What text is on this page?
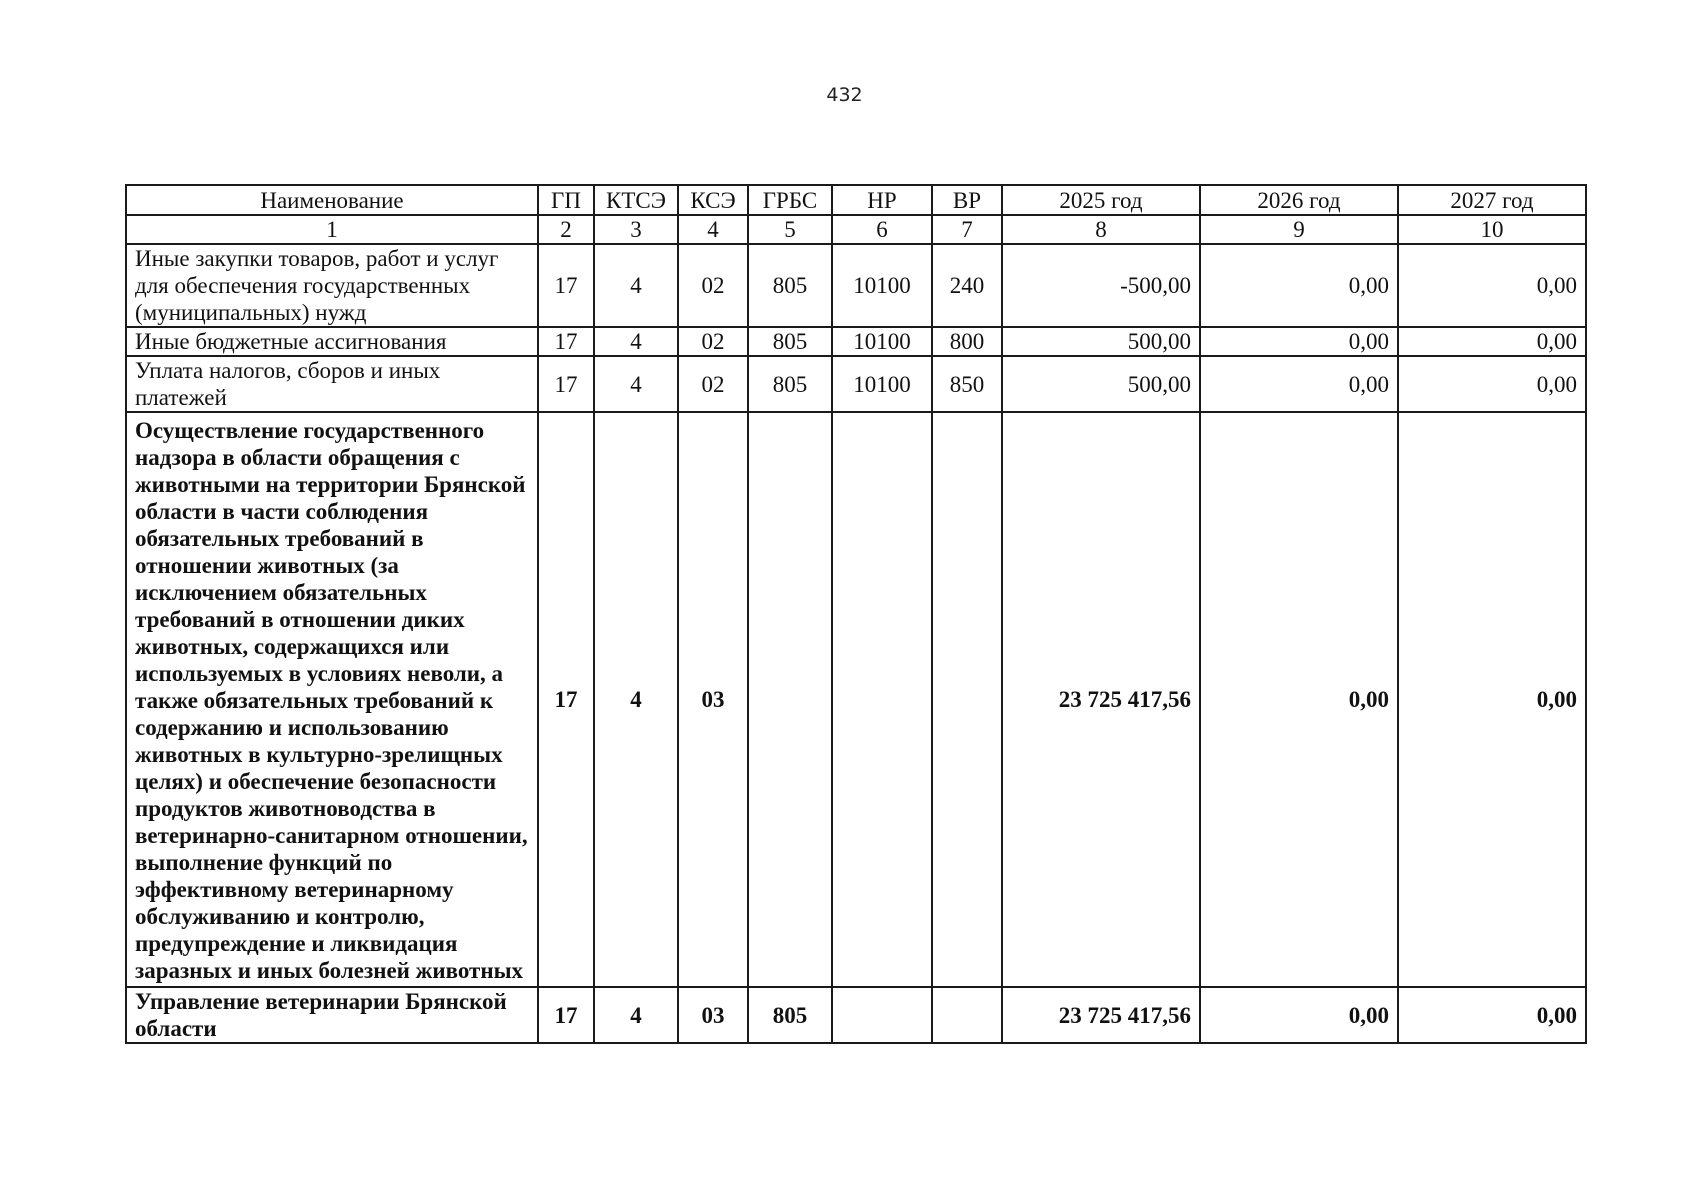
432
Наименование	ГП	КТСЭ	КСЭ	ГРБС	НР	ВР	2025 год	2026 год	2027 год
1	2	3	4	5	6	7	8	9	10
Иные закупки товаров, работ и услуг для обеспечения государственных (муниципальных) нужд	17	4	02	805	10100	240	-500,00	0,00	0,00
Иные бюджетные ассигнования	17	4	02	805	10100	800	500,00	0,00	0,00
Уплата налогов, сборов и иных платежей	17	4	02	805	10100	850	500,00	0,00	0,00
Осуществление государственного надзора в области обращения с животными на территории Брянской области в части соблюдения обязательных требований в отношении животных (за исключением обязательных требований в отношении диких животных, содержащихся или используемых в условиях неволи, а также обязательных требований к содержанию и использованию животных в культурно-зрелищных целях) и обеспечение безопасности продуктов животноводства в ветеринарно-санитарном отношении, выполнение функций по эффективному ветеринарному обслуживанию и контролю, предупреждение и ликвидация заразных и иных болезней животных	17	4	03				23 725 417,56	0,00	0,00
Управление ветеринарии Брянской области	17	4	03	805			23 725 417,56	0,00	0,00
